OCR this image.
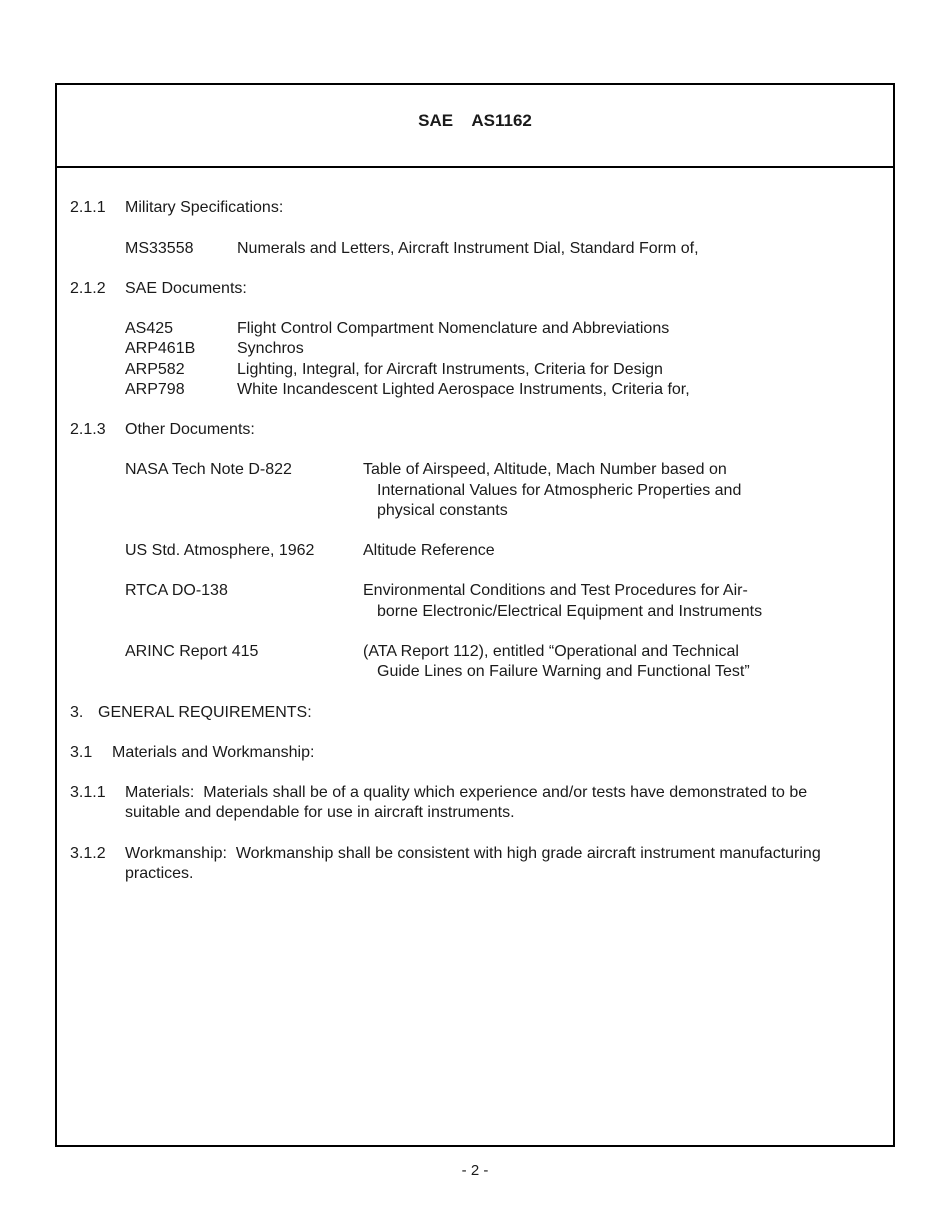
SAE AS1162
2.1.1 Military Specifications:
MS33558	Numerals and Letters, Aircraft Instrument Dial, Standard Form of,
2.1.2 SAE Documents:
AS425	Flight Control Compartment Nomenclature and Abbreviations
ARP461B	Synchros
ARP582	Lighting, Integral, for Aircraft Instruments, Criteria for Design
ARP798	White Incandescent Lighted Aerospace Instruments, Criteria for,
2.1.3 Other Documents:
NASA Tech Note D-822	Table of Airspeed, Altitude, Mach Number based on
International Values for Atmospheric Properties and
physical constants
US Std. Atmosphere, 1962	Altitude Reference
RTCA DO-138	Environmental Conditions and Test Procedures for Air-
borne Electronic/Electrical Equipment and Instruments
ARINC Report 415	(ATA Report 112), entitled “Operational and Technical
Guide Lines on Failure Warning and Functional Test”
3. GENERAL REQUIREMENTS:
3.1 Materials and Workmanship:
3.1.1 Materials:  Materials shall be of a quality which experience and/or tests have demonstrated to be
suitable and dependable for use in aircraft instruments.
3.1.2 Workmanship:  Workmanship shall be consistent with high grade aircraft instrument manufacturing
practices.
- 2 -
